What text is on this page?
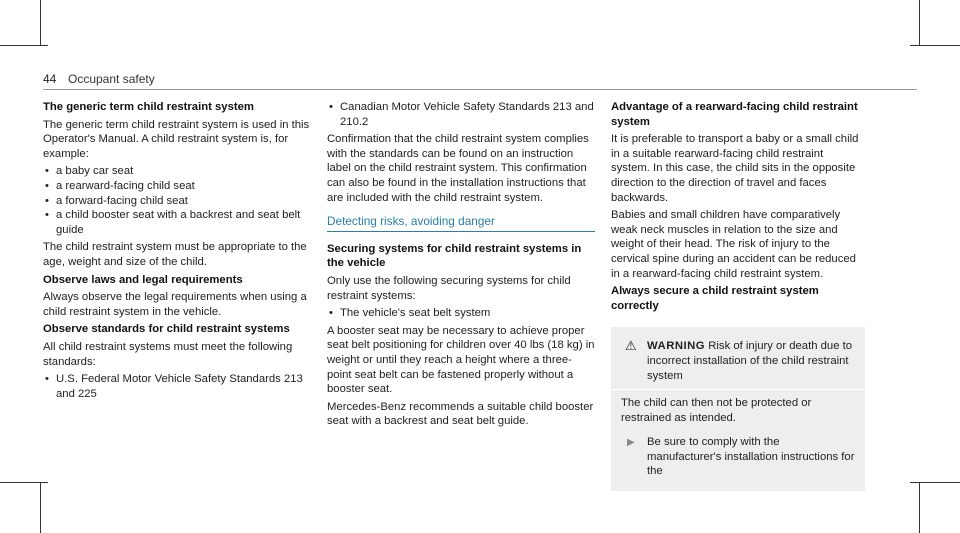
44 Occupant safety

The generic term child restraint system

The generic term child restraint system is used in this Operator's Manual. A child restraint system is, for example:

• a baby car seat
• a rearward-facing child seat
• a forward-facing child seat
• a child booster seat with a backrest and seat belt guide

The child restraint system must be appropriate to the age, weight and size of the child.

Observe laws and legal requirements

Always observe the legal requirements when using a child restraint system in the vehicle.

Observe standards for child restraint systems

All child restraint systems must meet the following standards:

• U.S. Federal Motor Vehicle Safety Standards 213 and 225
• Canadian Motor Vehicle Safety Standards 213 and 210.2

Confirmation that the child restraint system complies with the standards can be found on an instruction label on the child restraint system. This confirmation can also be found in the installation instructions that are included with the child restraint system.

Detecting risks, avoiding danger

Securing systems for child restraint systems in the vehicle

Only use the following securing systems for child restraint systems:

• The vehicle's seat belt system

A booster seat may be necessary to achieve proper seat belt positioning for children over 40 lbs (18 kg) in weight or until they reach a height where a three-point seat belt can be fastened properly without a booster seat.

Mercedes-Benz recommends a suitable child booster seat with a backrest and seat belt guide.

Advantage of a rearward-facing child restraint system

It is preferable to transport a baby or a small child in a suitable rearward-facing child restraint system. In this case, the child sits in the opposite direction to the direction of travel and faces backwards.

Babies and small children have comparatively weak neck muscles in relation to the size and weight of their head. The risk of injury to the cervical spine during an accident can be reduced in a rearward-facing child restraint system.

Always secure a child restraint system correctly

⚠ WARNING Risk of injury or death due to incorrect installation of the child restraint system
The child can then not be protected or restrained as intended.
▶ Be sure to comply with the manufacturer's installation instructions for the
